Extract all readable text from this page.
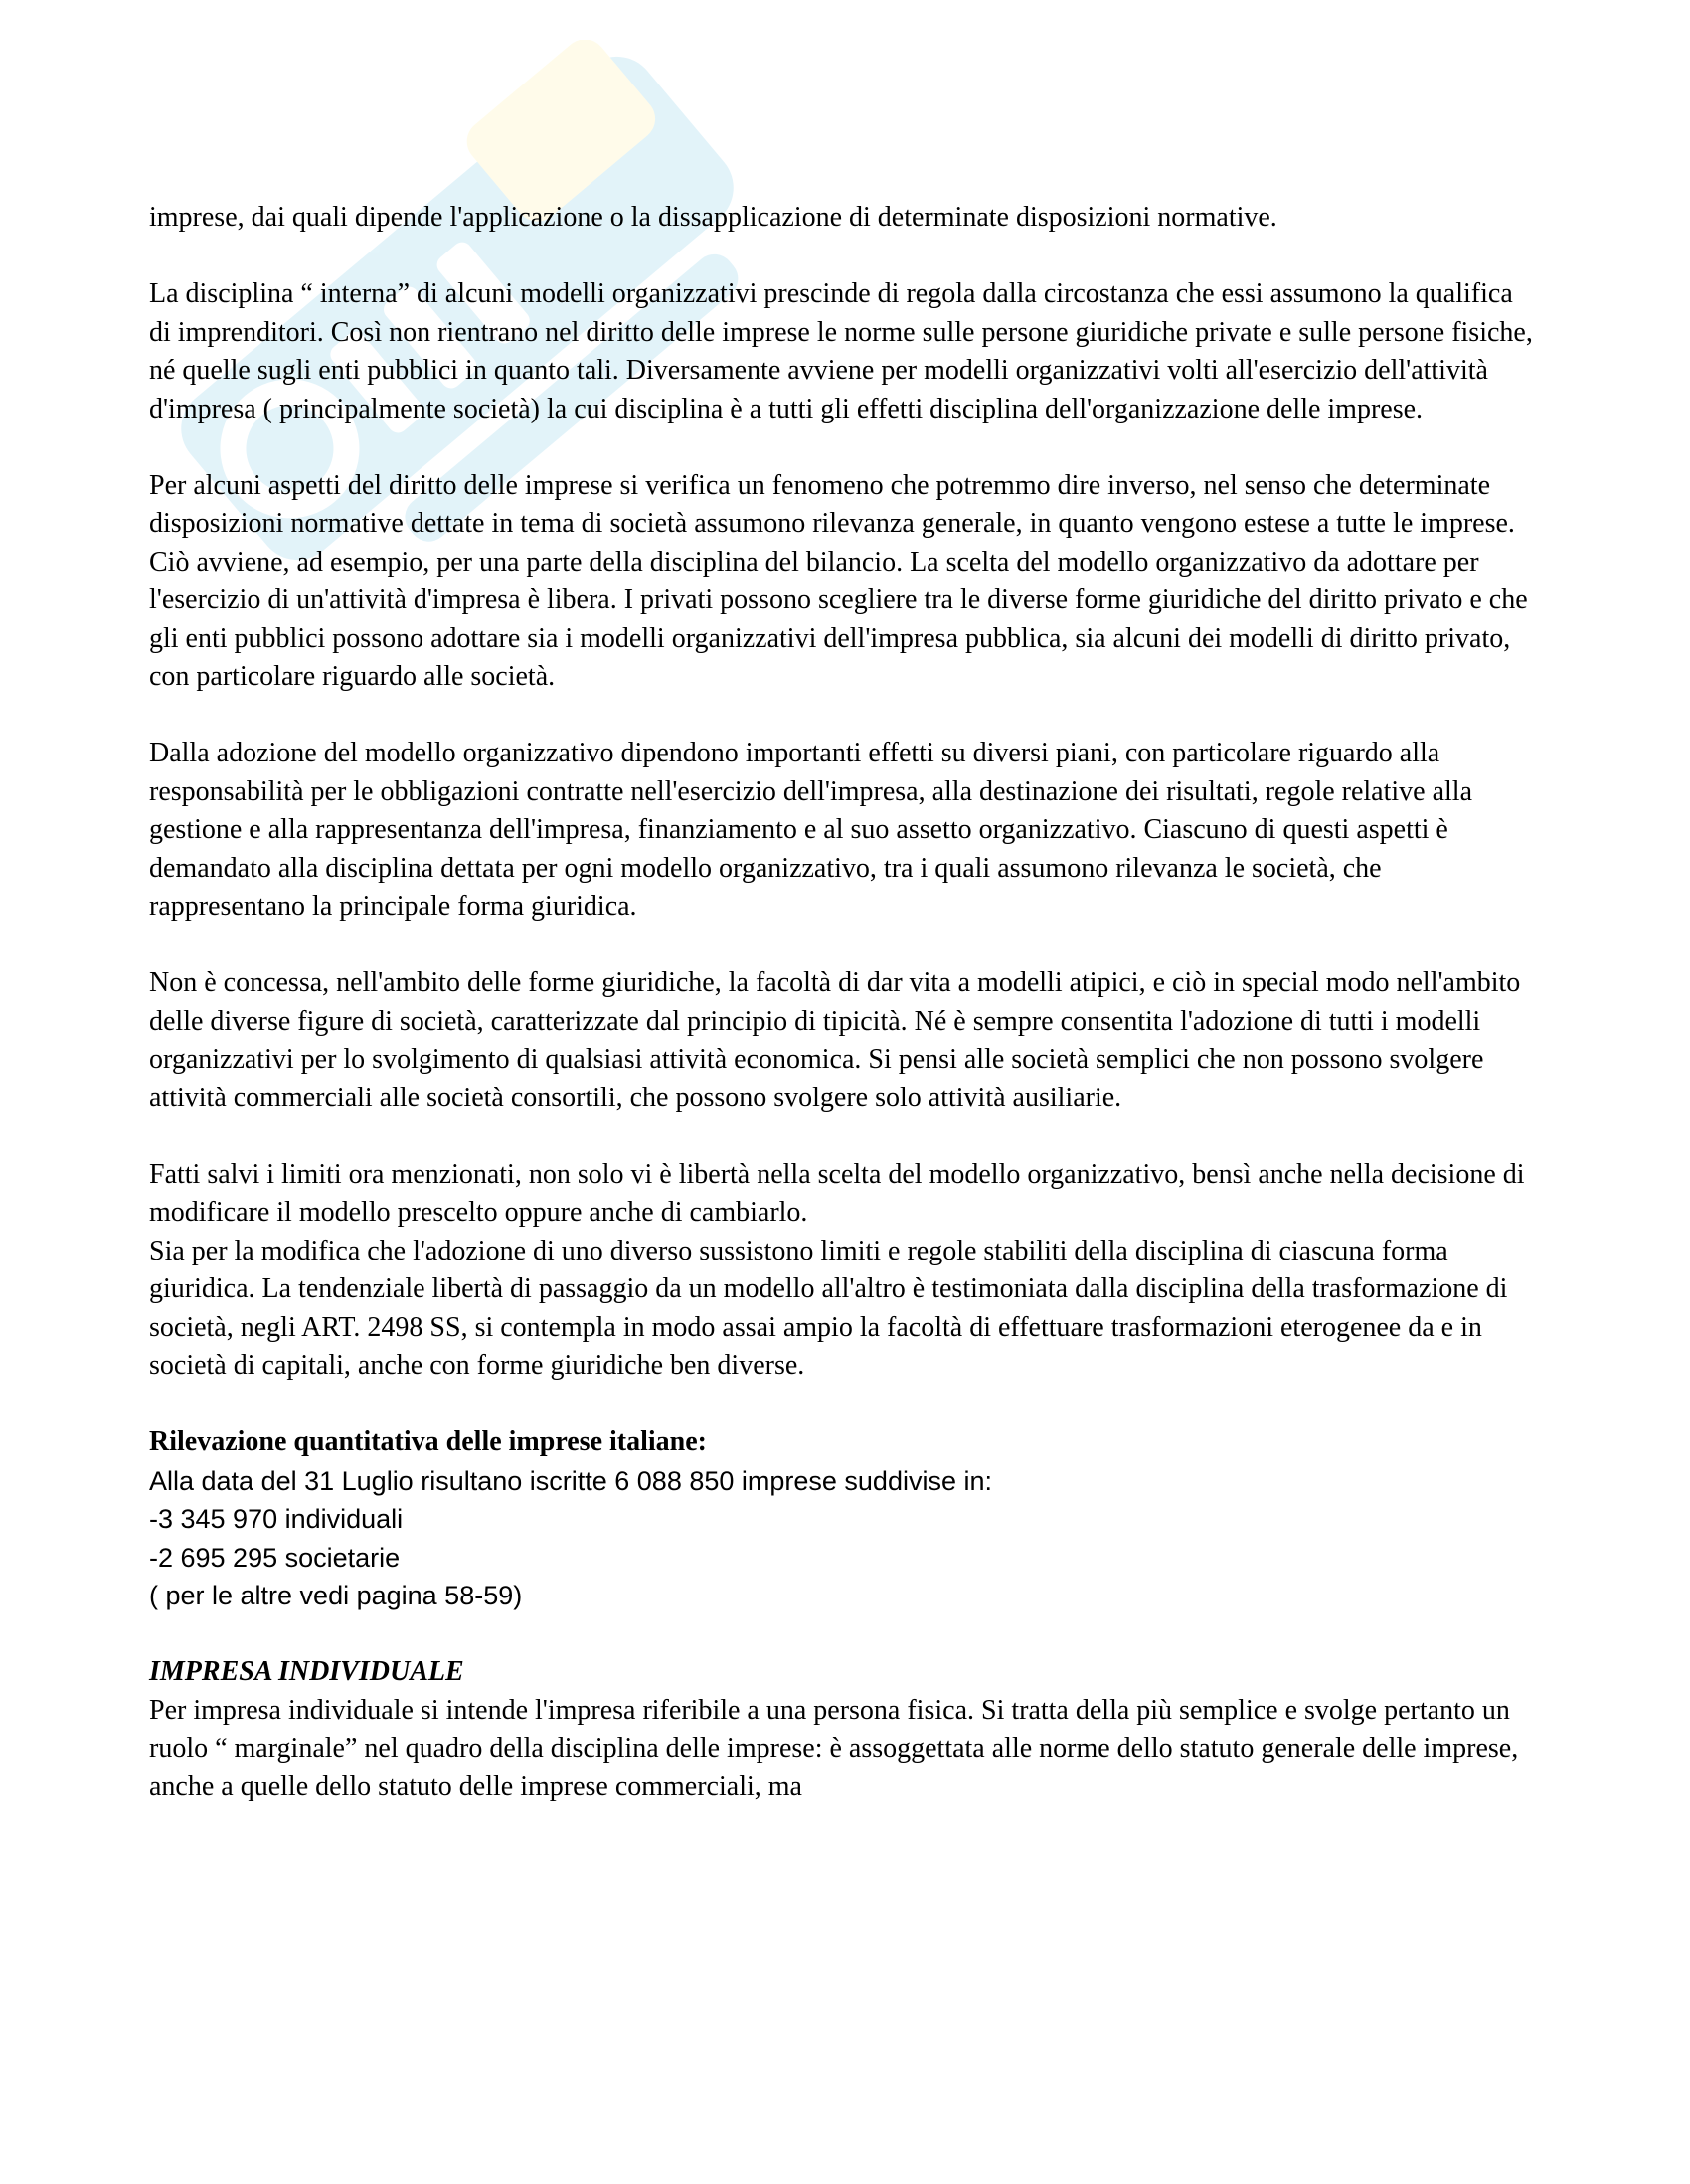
imprese, dai quali dipende l'applicazione o la dissapplicazione di determinate disposizioni normative.

La disciplina “ interna” di alcuni modelli organizzativi prescinde di regola dalla circostanza che essi assumono la qualifica di imprenditori. Così non rientrano nel diritto delle imprese le norme sulle persone giuridiche private e sulle persone fisiche, né quelle sugli enti pubblici in quanto tali. Diversamente avviene per modelli organizzativi volti all'esercizio dell'attività d'impresa ( principalmente società) la cui disciplina è a tutti gli effetti disciplina dell'organizzazione delle imprese.

Per alcuni aspetti del diritto delle imprese si verifica un fenomeno che potremmo dire inverso, nel senso che determinate disposizioni normative dettate in tema di società assumono rilevanza generale, in quanto vengono estese a tutte le imprese. Ciò avviene, ad esempio, per una parte della disciplina del bilancio. La scelta del modello organizzativo da adottare per l'esercizio di un'attività d'impresa è libera. I privati possono scegliere tra le diverse forme giuridiche del diritto privato e che gli enti pubblici possono adottare sia i modelli organizzativi dell'impresa pubblica, sia alcuni dei modelli di diritto privato, con particolare riguardo alle società.

Dalla adozione del modello organizzativo dipendono importanti effetti su diversi piani, con particolare riguardo alla responsabilità per le obbligazioni contratte nell'esercizio dell'impresa, alla destinazione dei risultati, regole relative alla gestione e alla rappresentanza dell'impresa, finanziamento e al suo assetto organizzativo. Ciascuno di questi aspetti è demandato alla disciplina dettata per ogni modello organizzativo, tra i quali assumono rilevanza le società, che rappresentano la principale forma giuridica.

Non è concessa, nell'ambito delle forme giuridiche, la facoltà di dar vita a modelli atipici, e ciò in special modo nell'ambito delle diverse figure di società, caratterizzate dal principio di tipicità. Né è sempre consentita l'adozione di tutti i modelli organizzativi per lo svolgimento di qualsiasi attività economica. Si pensi alle società semplici che non possono svolgere attività commerciali alle società consortili, che possono svolgere solo attività ausiliarie.

Fatti salvi i limiti ora menzionati, non solo vi è libertà nella scelta del modello organizzativo, bensì anche nella decisione di modificare il modello prescelto oppure anche di cambiarlo.
Sia per la modifica che l'adozione di uno diverso sussistono limiti e regole stabiliti della disciplina di ciascuna forma giuridica. La tendenziale libertà di passaggio da un modello all'altro è testimoniata dalla disciplina della trasformazione di società, negli ART. 2498 SS, si contempla in modo assai ampio la facoltà di effettuare trasformazioni eterogenee da e in società di capitali, anche con forme giuridiche ben diverse.

Rilevazione quantitativa delle imprese italiane:
Alla data del 31 Luglio risultano iscritte 6 088 850 imprese suddivise in:
-3 345 970 individuali
-2 695 295 societarie
( per le altre vedi pagina 58-59)

IMPRESA INDIVIDUALE
Per impresa individuale si intende l'impresa riferibile a una persona fisica. Si tratta della più semplice e svolge pertanto un ruolo “ marginale” nel quadro della disciplina delle imprese: è assoggettata alle norme dello statuto generale delle imprese, anche a quelle dello statuto delle imprese commerciali, ma
